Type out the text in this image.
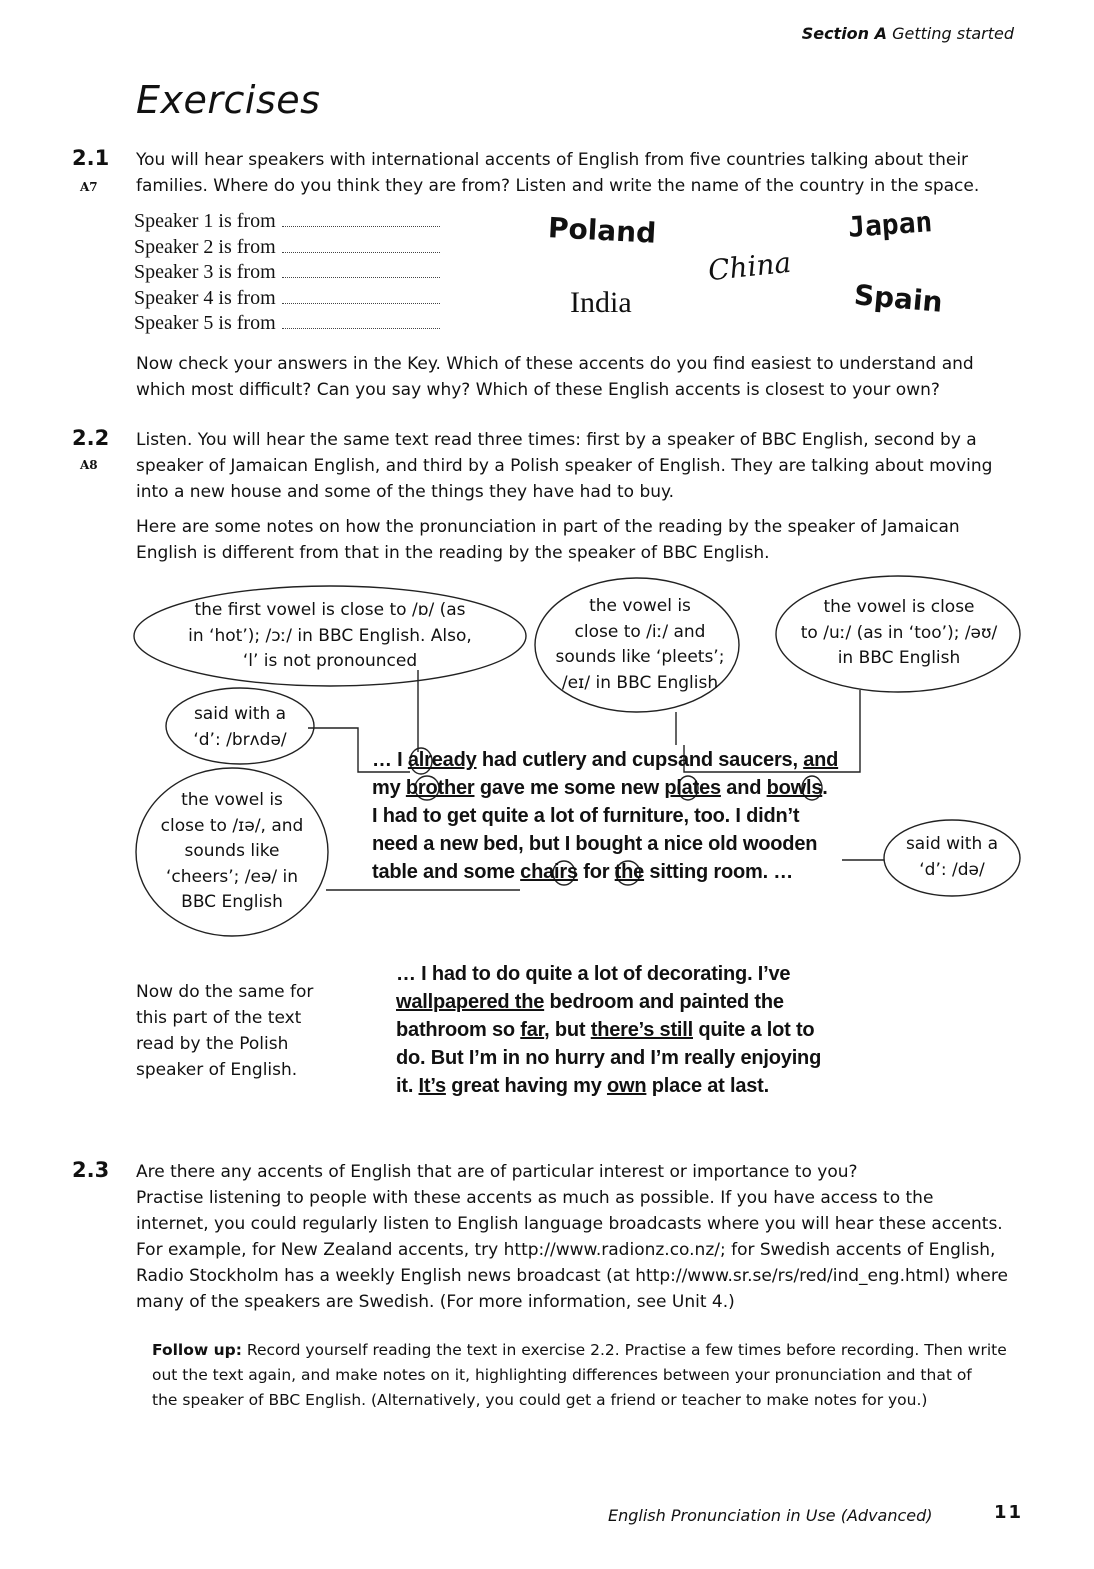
Section A Getting started
Exercises
2.1
A7
You will hear speakers with international accents of English from five countries talking about their
families. Where do you think they are from? Listen and write the name of the country in the space.
Speaker 1 is from
Speaker 2 is from
Speaker 3 is from
Speaker 4 is from
Speaker 5 is from
Poland	Japan
China
India	Spain
Now check your answers in the Key. Which of these accents do you find easiest to understand and
which most difficult? Can you say why? Which of these English accents is closest to your own?
2.2
A8
Listen. You will hear the same text read three times: first by a speaker of BBC English, second by a
speaker of Jamaican English, and third by a Polish speaker of English. They are talking about moving
into a new house and some of the things they have had to buy.
Here are some notes on how the pronunciation in part of the reading by the speaker of Jamaican
English is different from that in the reading by the speaker of BBC English.
the first vowel is close to /ɒ/ (as
in ‘hot’); /ɔː/ in BBC English. Also,
‘l’ is not pronounced
the vowel is
close to /iː/ and
sounds like ‘pleets’;
/eɪ/ in BBC English
the vowel is close
to /uː/ (as in ‘too’); /əʊ/
in BBC English
said with a
‘d’: /brʌdə/
the vowel is
close to /ɪə/, and
sounds like
‘cheers’; /eə/ in
BBC English
said with a
‘d’: /də/
… I already had cutlery and cupsand saucers, and
my brother gave me some new plates and bowls.
I had to get quite a lot of furniture, too. I didn’t
need a new bed, but I bought a nice old wooden
table and some chairs for the sitting room. …
Now do the same for
this part of the text
read by the Polish
speaker of English.
… I had to do quite a lot of decorating. I’ve
wallpapered the bedroom and painted the
bathroom so far, but there’s still quite a lot to
do. But I’m in no hurry and I’m really enjoying
it. It’s great having my own place at last.
2.3 Are there any accents of English that are of particular interest or importance to you?
Practise listening to people with these accents as much as possible. If you have access to the
internet, you could regularly listen to English language broadcasts where you will hear these accents.
For example, for New Zealand accents, try http://www.radionz.co.nz/; for Swedish accents of English,
Radio Stockholm has a weekly English news broadcast (at http://www.sr.se/rs/red/ind_eng.html) where
many of the speakers are Swedish. (For more information, see Unit 4.)
Follow up: Record yourself reading the text in exercise 2.2. Practise a few times before recording. Then write
out the text again, and make notes on it, highlighting differences between your pronunciation and that of
the speaker of BBC English. (Alternatively, you could get a friend or teacher to make notes for you.)
English Pronunciation in Use (Advanced)	11
